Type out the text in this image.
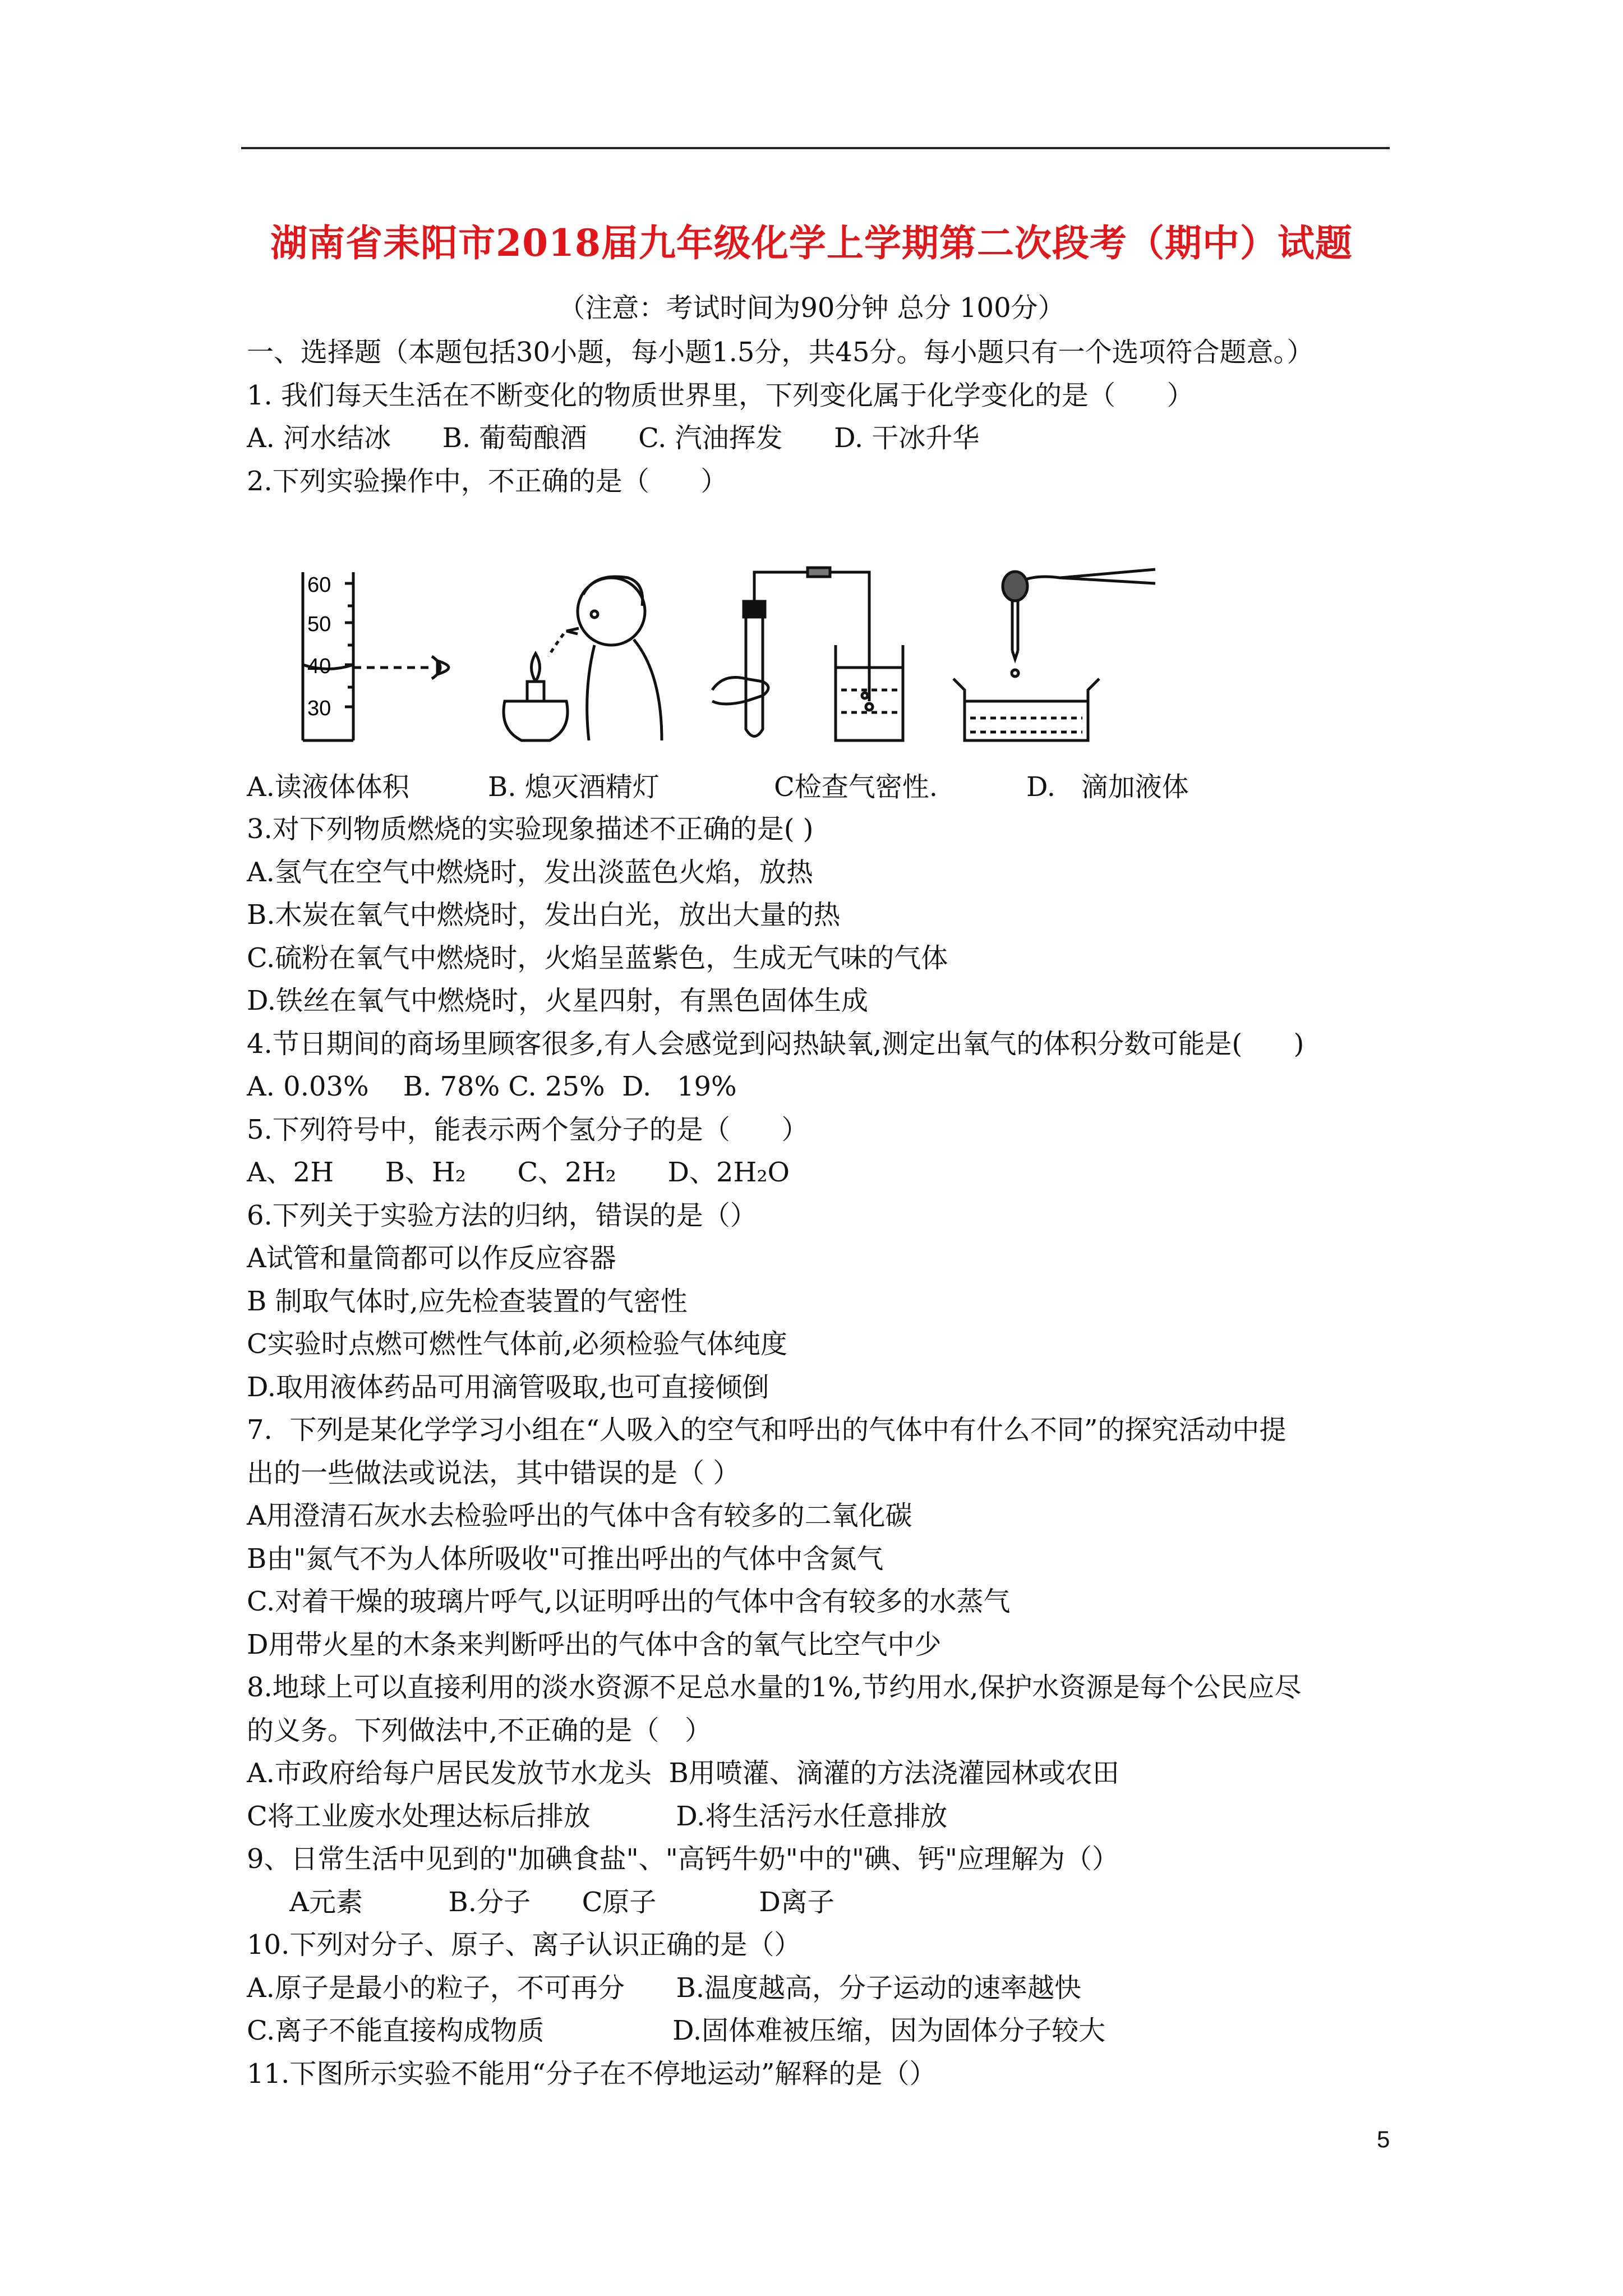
湖南省耒阳市2018届九年级化学上学期第二次段考（期中）试题
（注意：考试时间为90分钟 总分 100分）
一、选择题（本题包括30小题，每小题1.5分，共45分。每小题只有一个选项符合题意。）
1. 我们每天生活在不断变化的物质世界里，下列变化属于化学变化的是（      ）
A. 河水结冰      B. 葡萄酿酒      C. 汽油挥发      D. 干冰升华
2.下列实验操作中，不正确的是（      ）
60
50
40
30
A.读液体体积	B. 熄灭酒精灯	C检查气密性.	D.   滴加液体
3.对下列物质燃烧的实验现象描述不正确的是( )
A.氢气在空气中燃烧时，发出淡蓝色火焰，放热
B.木炭在氧气中燃烧时，发出白光，放出大量的热
C.硫粉在氧气中燃烧时，火焰呈蓝紫色，生成无气味的气体
D.铁丝在氧气中燃烧时，火星四射，有黑色固体生成
4.节日期间的商场里顾客很多,有人会感觉到闷热缺氧,测定出氧气的体积分数可能是(      )
A. 0.03%    B. 78% C. 25%  D.   19%
5.下列符号中，能表示两个氢分子的是（      ）
A、2H      B、H₂      C、2H₂      D、2H₂O
6.下列关于实验方法的归纳，错误的是（）
A试管和量筒都可以作反应容器
B 制取气体时,应先检查装置的气密性
C实验时点燃可燃性气体前,必须检验气体纯度
D.取用液体药品可用滴管吸取,也可直接倾倒
7.  下列是某化学学习小组在“人吸入的空气和呼出的气体中有什么不同”的探究活动中提
出的一些做法或说法，其中错误的是（ ）
A用澄清石灰水去检验呼出的气体中含有较多的二氧化碳
B由"氮气不为人体所吸收"可推出呼出的气体中含氮气
C.对着干燥的玻璃片呼气,以证明呼出的气体中含有较多的水蒸气
D用带火星的木条来判断呼出的气体中含的氧气比空气中少
8.地球上可以直接利用的淡水资源不足总水量的1%,节约用水,保护水资源是每个公民应尽
的义务。下列做法中,不正确的是（   ）
A.市政府给每户居民发放节水龙头  B用喷灌、滴灌的方法浇灌园林或农田
C将工业废水处理达标后排放          D.将生活污水任意排放
9、日常生活中见到的"加碘食盐"、"高钙牛奶"中的"碘、钙"应理解为（）
A元素          B.分子      C原子            D离子
10.下列对分子、原子、离子认识正确的是（）
A.原子是最小的粒子，不可再分      B.温度越高，分子运动的速率越快
C.离子不能直接构成物质               D.固体难被压缩，因为固体分子较大
11.下图所示实验不能用“分子在不停地运动”解释的是（）
5
